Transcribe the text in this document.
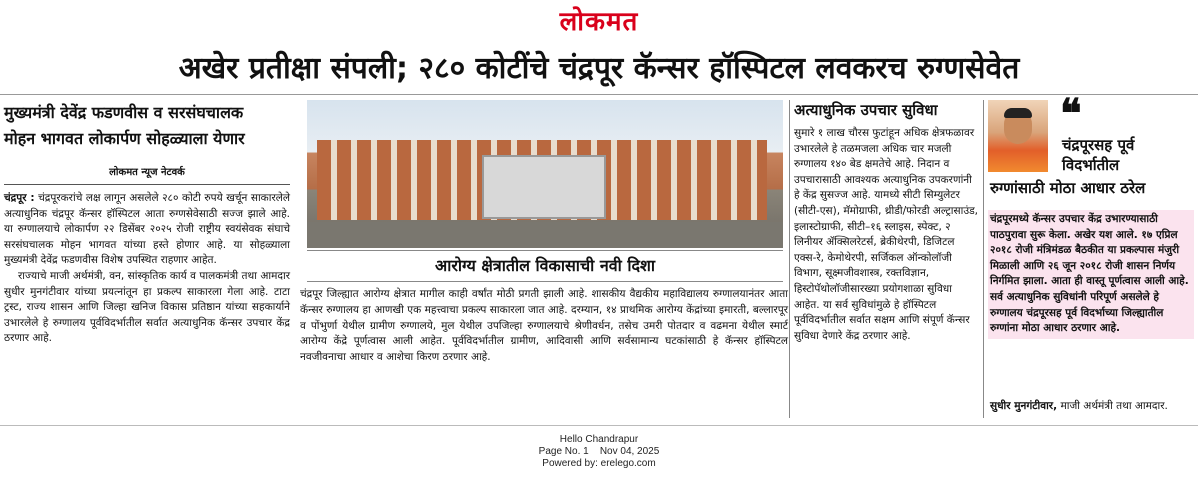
लोकमत
अखेर प्रतीक्षा संपली; २८० कोटींचे चंद्रपूर कॅन्सर हॉस्पिटल लवकरच रुग्णसेवेत
मुख्यमंत्री देवेंद्र फडणवीस व सरसंघचालक
मोहन भागवत लोकार्पण सोहळ्याला येणार
लोकमत न्यूज नेटवर्क

चंद्रपूर : चंद्रपूरकरांचे लक्ष लागून असलेले २८० कोटी रुपये खर्चून साकारलेले अत्याधुनिक चंद्रपूर कॅन्सर हॉस्पिटल आता रुग्णसेवेसाठी सज्ज झाले आहे. या रुग्णालयाचे लोकार्पण २२ डिसेंबर २०२५ रोजी राष्ट्रीय स्वयंसेवक संघाचे सरसंघचालक मोहन भागवत यांच्या हस्ते होणार आहे. या सोहळ्याला मुख्यमंत्री देवेंद्र फडणवीस विशेष उपस्थित राहणार आहेत.

राज्याचे माजी अर्थमंत्री, वन, सांस्कृतिक कार्य व पालकमंत्री तथा आमदार सुधीर मुनगंटीवार यांच्या प्रयत्नांतून हा प्रकल्प साकारला गेला आहे. टाटा ट्रस्ट, राज्य शासन आणि जिल्हा खनिज विकास प्रतिष्ठान यांच्या सहकार्याने उभारलेले हे रुग्णालय पूर्वविदर्भातील सर्वात अत्याधुनिक कॅन्सर उपचार केंद्र ठरणार आहे.

आरोग्य क्षेत्रातील विकासाची नवी दिशा
चंद्रपूर जिल्ह्यात आरोग्य क्षेत्रात मागील काही वर्षांत मोठी प्रगती झाली आहे. शासकीय वैद्यकीय महाविद्यालय रुग्णालयानंतर आता कॅन्सर रुग्णालय हा आणखी एक महत्त्वाचा प्रकल्प साकारला जात आहे. दरम्यान, १४ प्राथमिक आरोग्य केंद्रांच्या इमारती, बल्लारपूर व पोंभुर्णा येथील ग्रामीण रुग्णालये, मुल येथील उपजिल्हा रुग्णालयाचे श्रेणीवर्धन, तसेच उमरी पोतदार व वढमना येथील स्मार्ट आरोग्य केंद्रे पूर्णत्वास आली आहेत. पूर्वविदर्भातील ग्रामीण, आदिवासी आणि सर्वसामान्य घटकांसाठी हे कॅन्सर हॉस्पिटल नवजीवनाचा आधार व आशेचा किरण ठरणार आहे.
अत्याधुनिक उपचार सुविधा
सुमारे १ लाख चौरस फुटांहून अधिक क्षेत्रफळावर उभारलेले हे तळमजला अधिक चार मजली रुग्णालय १४० बेड क्षमतेचे आहे. निदान व उपचारासाठी आवश्यक अत्याधुनिक उपकरणांनी हे केंद्र सुसज्ज आहे. यामध्ये सीटी सिम्युलेटर (सीटी-एस), मॅमोग्राफी, थ्रीडी/फोरडी अल्ट्रासाउंड, इलास्टोग्राफी, सीटी–१६ स्लाइस, स्पेक्ट, २ लिनीयर ॲक्सिलरेटर्स, ब्रेकीथेरपी, डिजिटल एक्स-रे, केमोथेरपी, सर्जिकल ऑन्कोलॉजी विभाग, सूक्ष्मजीवशास्त्र, रक्तविज्ञान, हिस्टोपॅथोलॉजीसारख्या प्रयोगशाळा सुविधा आहेत. या सर्व सुविधांमुळे हे हॉस्पिटल पूर्वविदर्भातील सर्वात सक्षम आणि संपूर्ण कॅन्सर सुविधा देणारे केंद्र ठरणार आहे.
❝
चंद्रपूरसह पूर्व
विदर्भातील
रुग्णांसाठी मोठा आधार ठरेल
चंद्रपूरमध्ये कॅन्सर उपचार केंद्र उभारण्यासाठी पाठपुरावा सुरू केला. अखेर यश आले. १७ एप्रिल २०१८ रोजी मंत्रिमंडळ बैठकीत या प्रकल्पास मंजुरी मिळाली आणि २६ जून २०१८ रोजी शासन निर्णय निर्गमित झाला. आता ही वास्तू पूर्णत्वास आली आहे. सर्व अत्याधुनिक सुविधांनी परिपूर्ण असलेले हे रुग्णालय चंद्रपूरसह पूर्व विदर्भाच्या जिल्ह्यातील रुग्णांना मोठा आधार ठरणार आहे.
सुधीर मुनगंटीवार, माजी अर्थमंत्री तथा आमदार.
Hello Chandrapur
Page No. 1    Nov 04, 2025
Powered by: erelego.com
